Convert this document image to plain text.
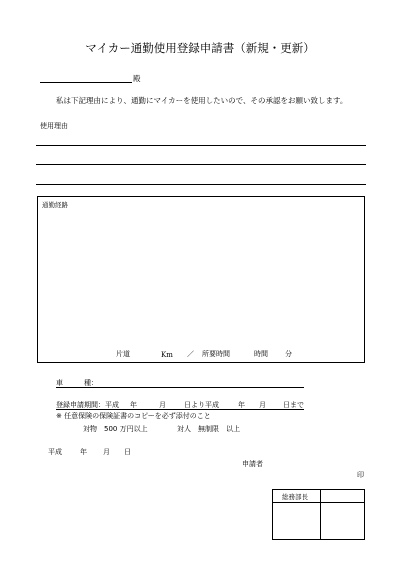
マイカー通勤使用登録申請書（新規・更新）
殿
私は下記理由により、通勤にマイカーを使用したいので、その承認をお願い致します。
使用理由
通勤経路
片道	Km ／ 所要時間	時間 分
車　　　種：
登録申請期間：平成 年	月	日より平成	年 月 日まで
※ 任意保険の保険証書のコピーを必ず添付のこと
対物　500 万円以上	対人　無制限　以上
平成	年 月 日
申請者
印
総務部長
